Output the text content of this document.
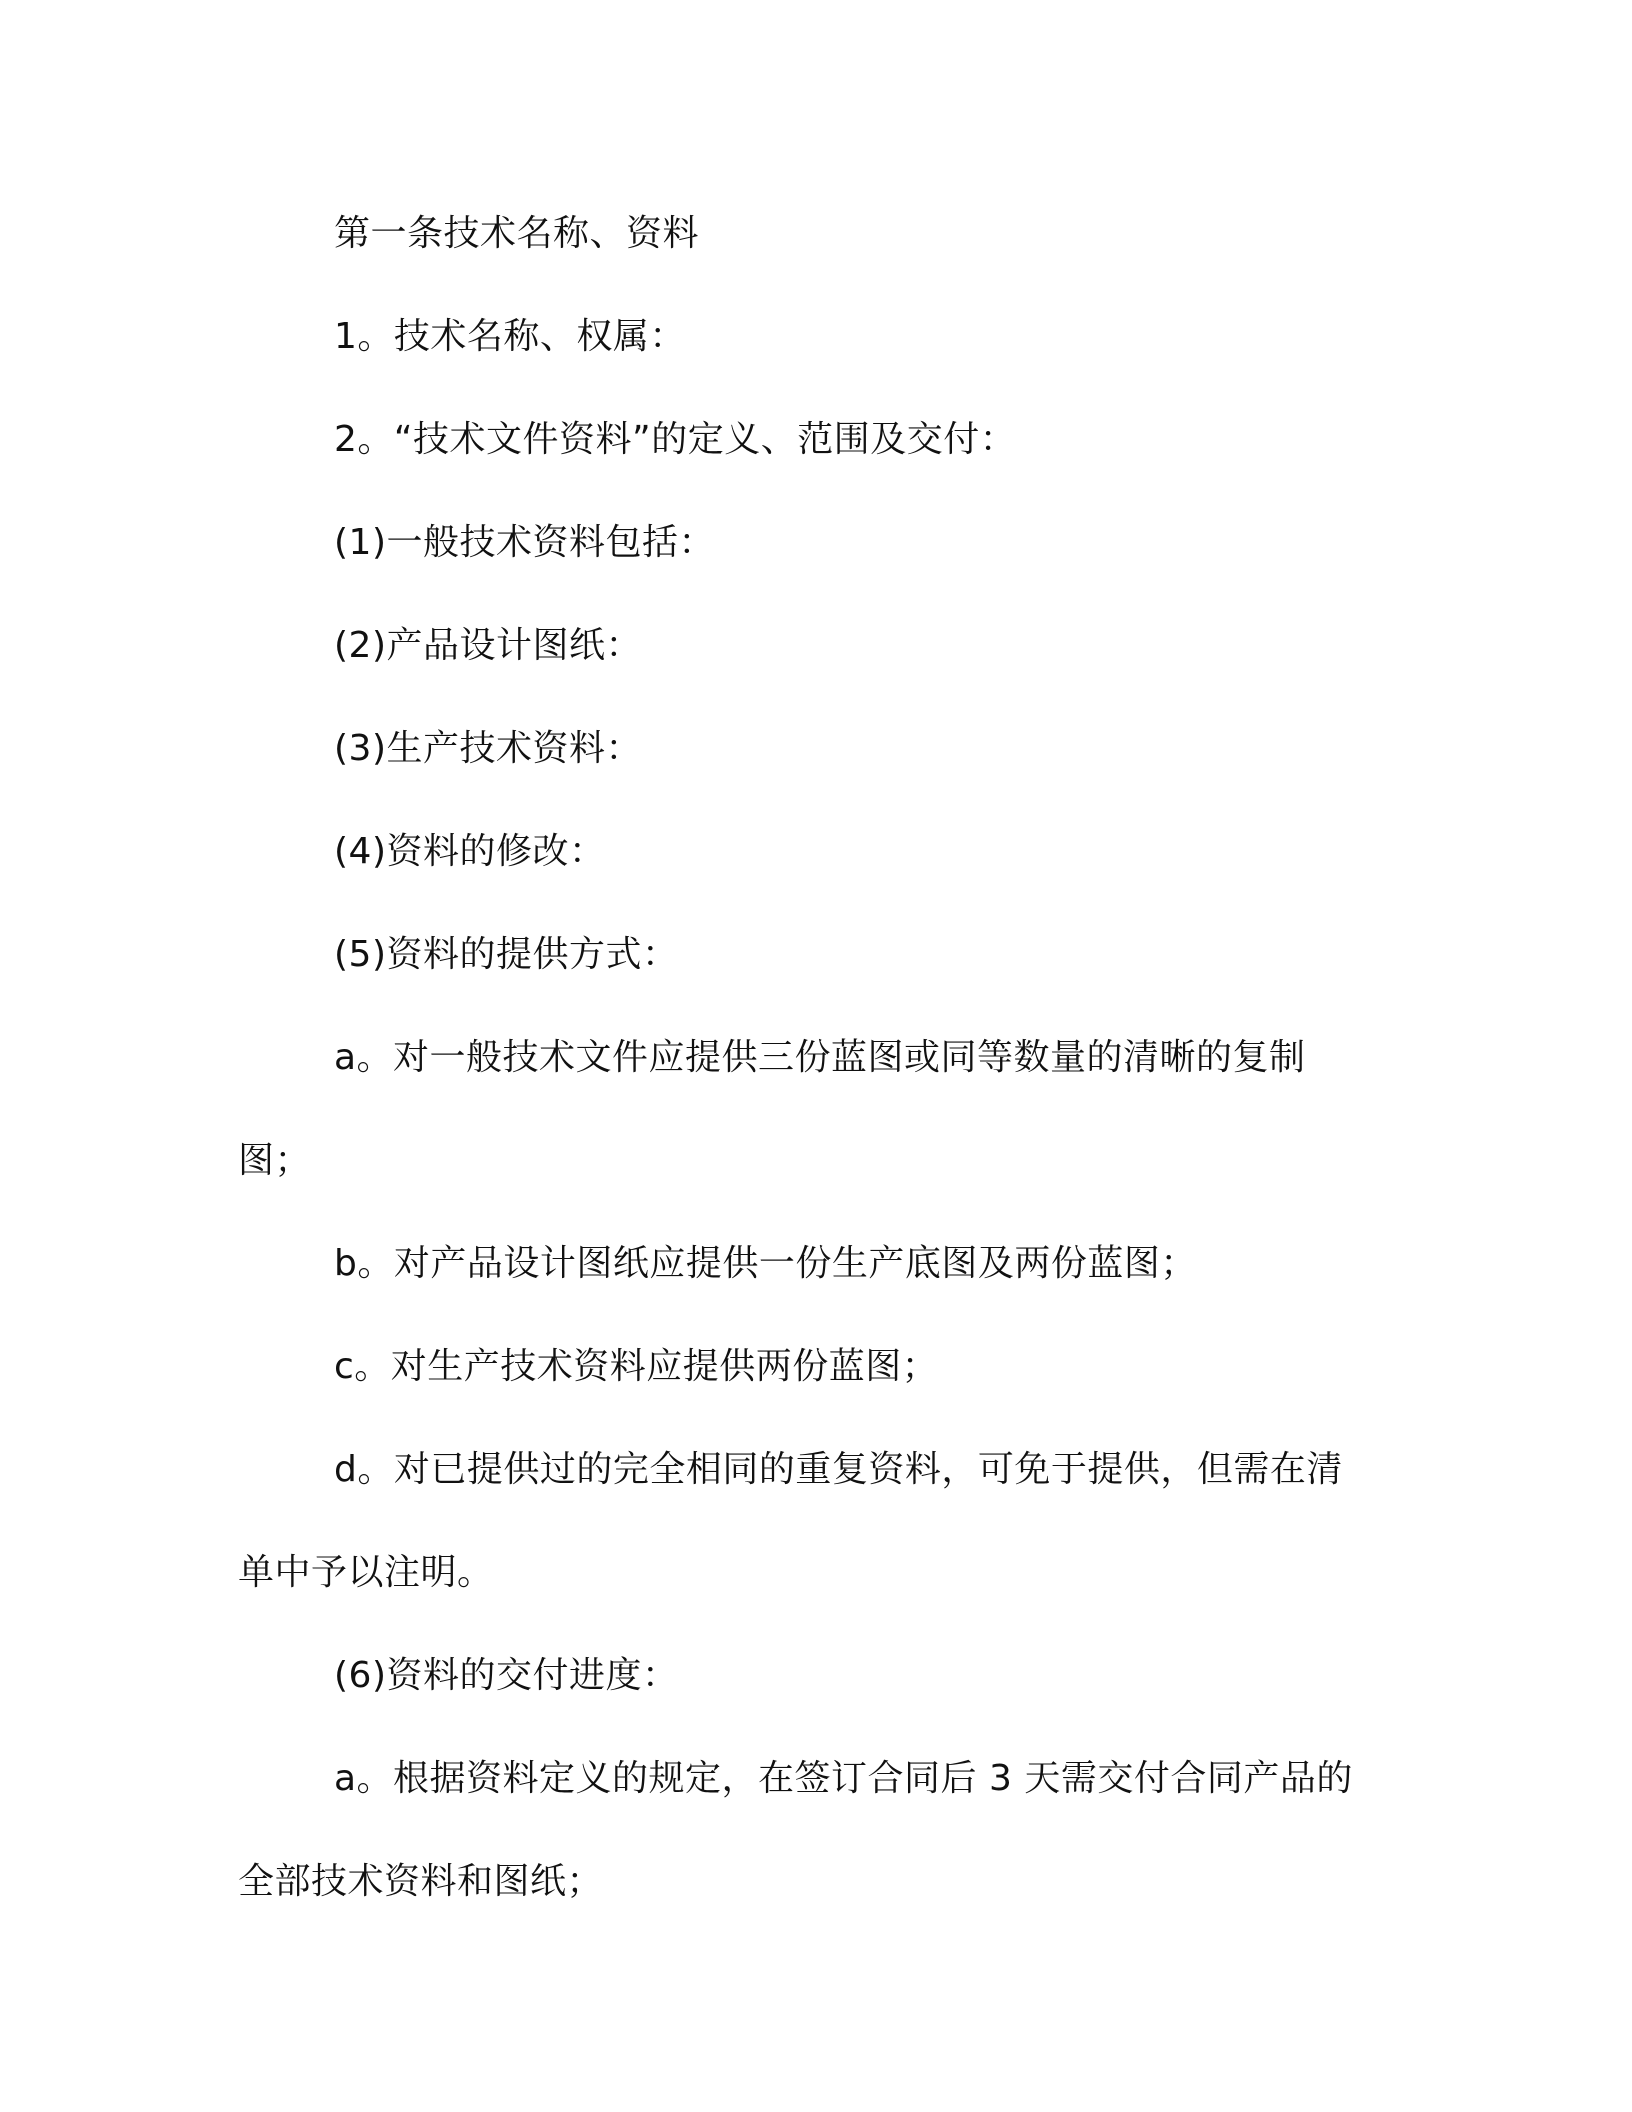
第一条技术名称、资料

1。技术名称、权属：

2。“技术文件资料”的定义、范围及交付：

(1)一般技术资料包括：

(2)产品设计图纸：

(3)生产技术资料：

(4)资料的修改：

(5)资料的提供方式：

a。对一般技术文件应提供三份蓝图或同等数量的清晰的复制图；

b。对产品设计图纸应提供一份生产底图及两份蓝图；

c。对生产技术资料应提供两份蓝图；

d。对已提供过的完全相同的重复资料，可免于提供，但需在清单中予以注明。

(6)资料的交付进度：

a。根据资料定义的规定，在签订合同后 3 天需交付合同产品的全部技术资料和图纸；
